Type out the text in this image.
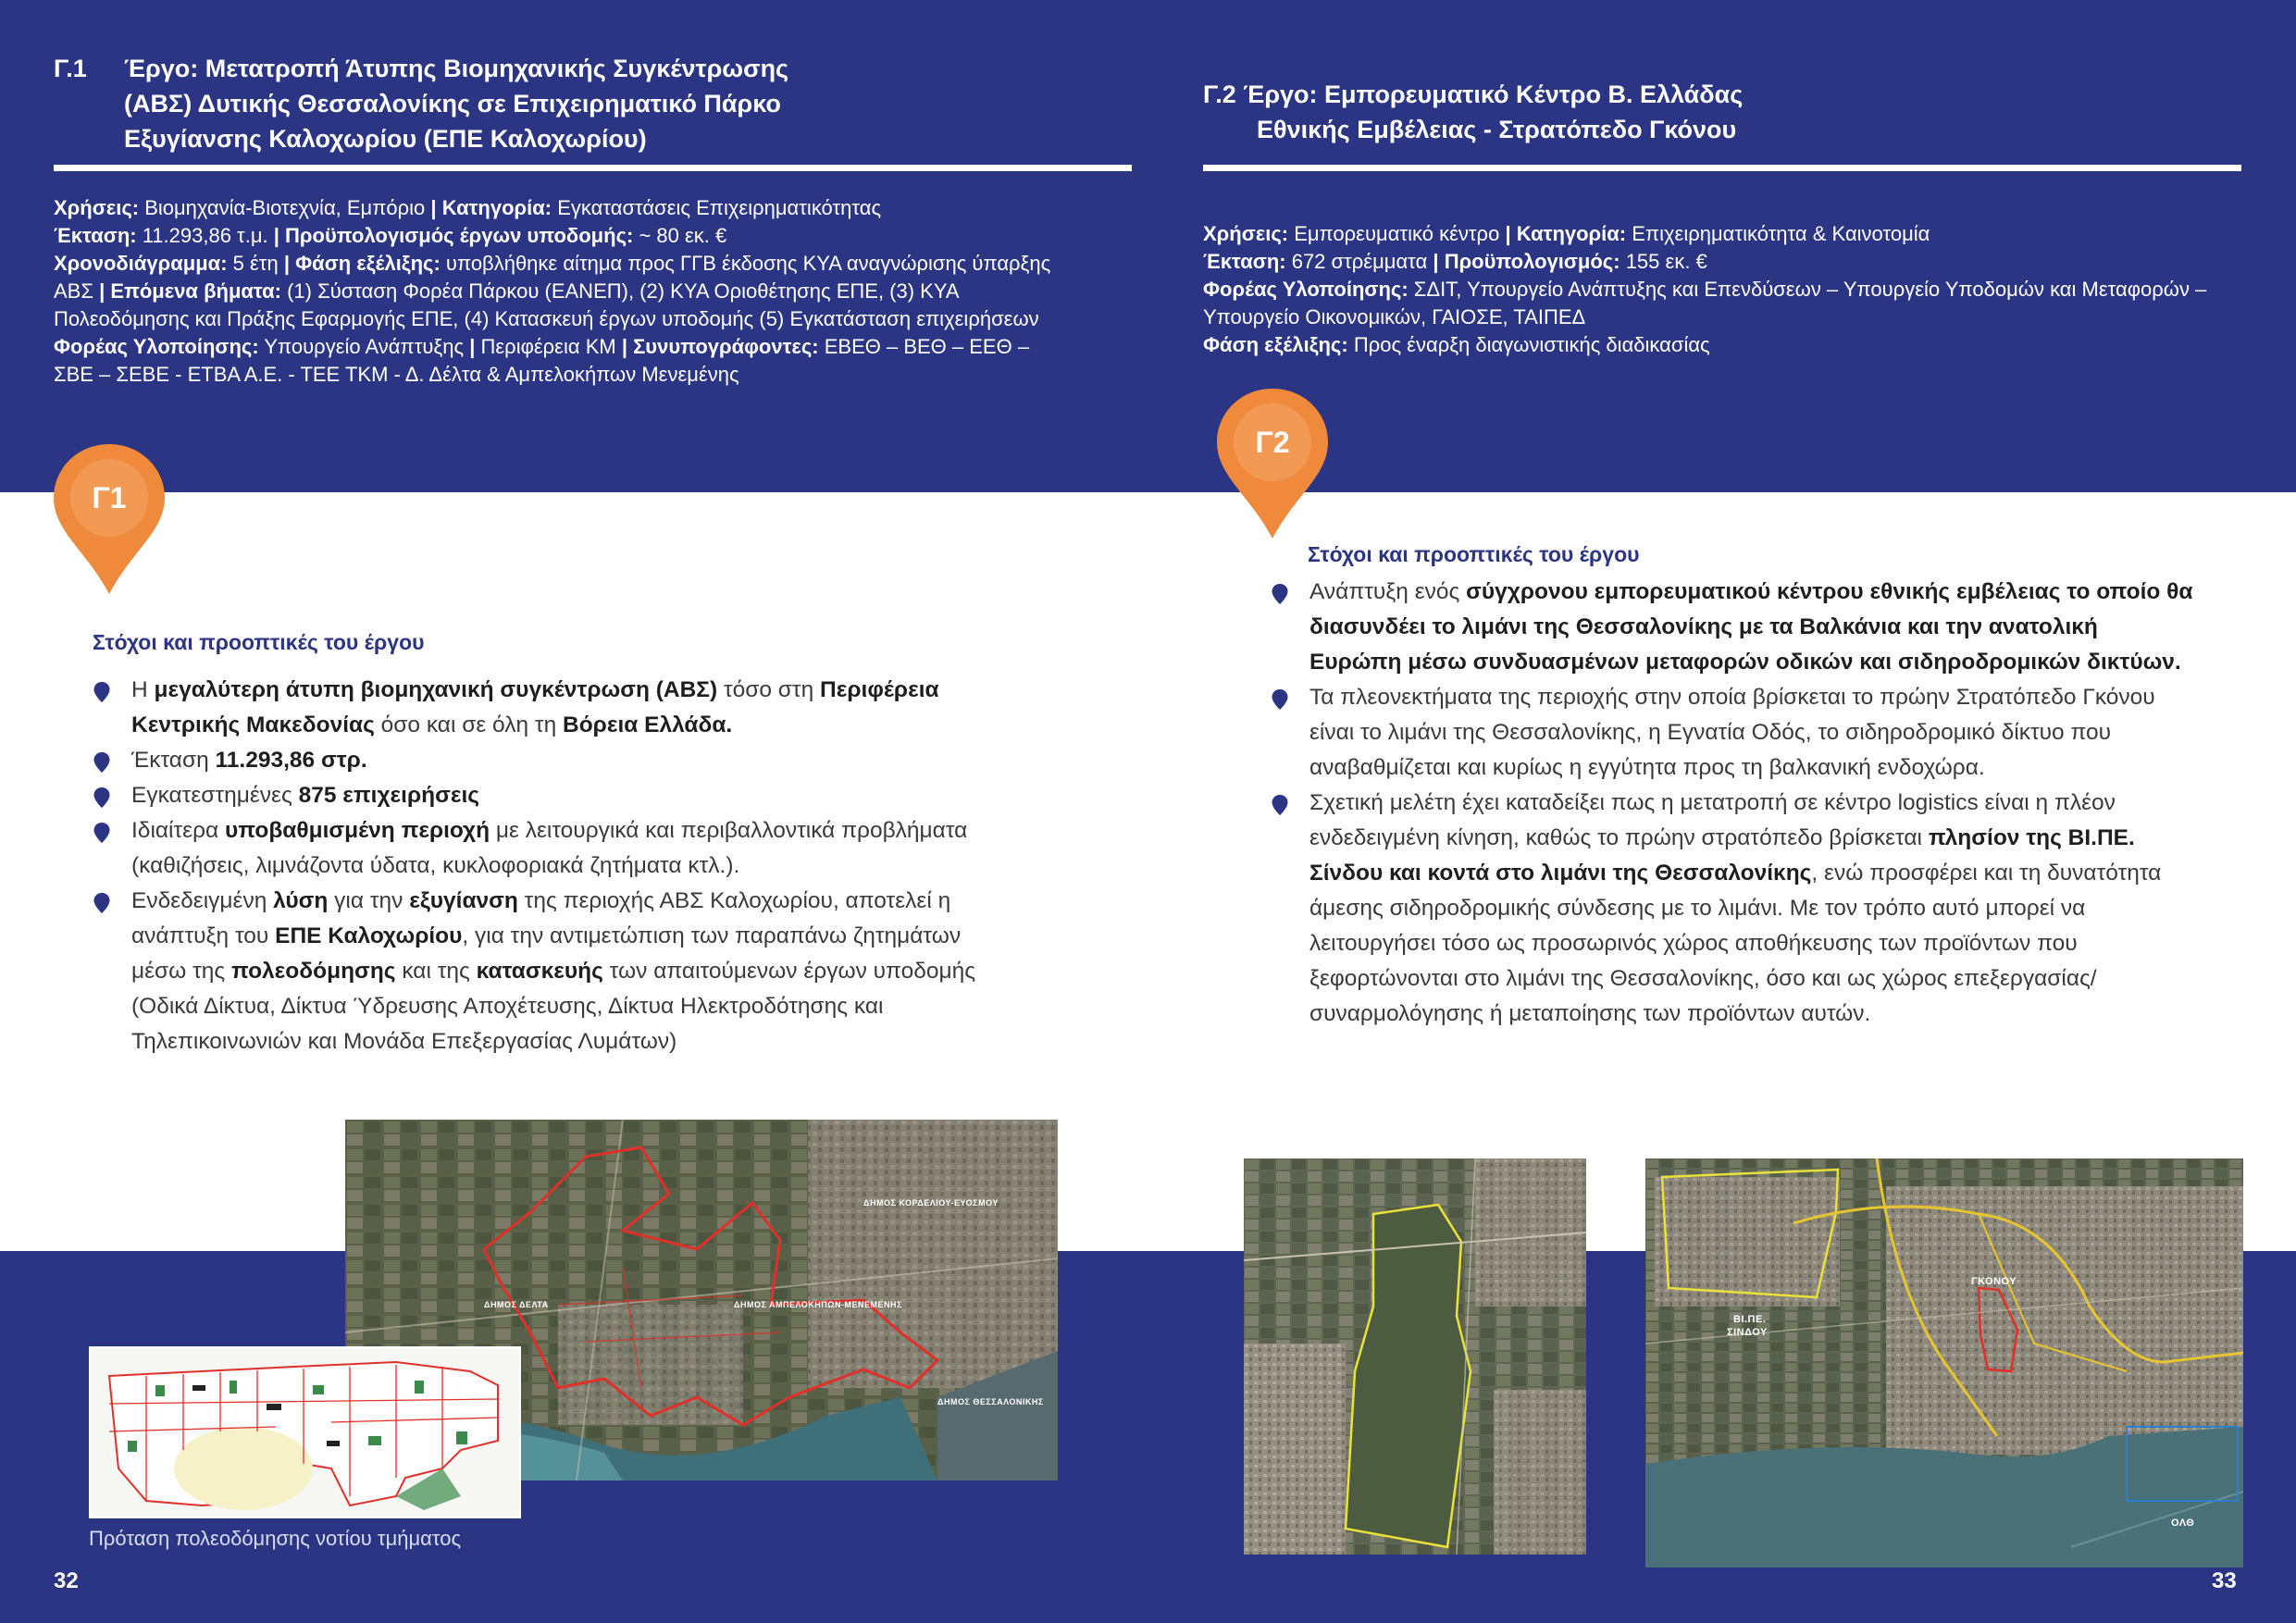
Γ.1	Έργο: Μετατροπή Άτυπης Βιομηχανικής Συγκέντρωσης
(ΑΒΣ) Δυτικής Θεσσαλονίκης σε Επιχειρηματικό Πάρκο
Εξυγίανσης Καλοχωρίου (ΕΠΕ Καλοχωρίου)
Χρήσεις: Βιομηχανία-Βιοτεχνία, Εμπόριο | Κατηγορία: Εγκαταστάσεις Επιχειρηματικότητας
Έκταση: 11.293,86 τ.μ. | Προϋπολογισμός έργων υποδομής: ~ 80 εκ. €
Χρονοδιάγραμμα: 5 έτη | Φάση εξέλιξης: υποβλήθηκε αίτημα προς ΓΓΒ έκδοσης ΚΥΑ αναγνώρισης ύπαρξης ΑΒΣ | Επόμενα βήματα: (1) Σύσταση Φορέα Πάρκου (ΕΑΝΕΠ), (2) ΚΥΑ Οριοθέτησης ΕΠΕ, (3) ΚΥΑ Πολεοδόμησης και Πράξης Εφαρμογής ΕΠΕ, (4) Κατασκευή έργων υποδομής (5) Εγκατάσταση επιχειρήσεων
Φορέας Υλοποίησης: Υπουργείο Ανάπτυξης | Περιφέρεια ΚΜ | Συνυπογράφοντες: ΕΒΕΘ – ΒΕΘ – ΕΕΘ – ΣΒΕ – ΣΕΒΕ - ΕΤΒΑ Α.Ε. - ΤΕΕ ΤΚΜ - Δ. Δέλτα & Αμπελοκήπων Μενεμένης
Γ1
Στόχοι και προοπτικές του έργου
Η μεγαλύτερη άτυπη βιομηχανική συγκέντρωση (ΑΒΣ) τόσο στη Περιφέρεια Κεντρικής Μακεδονίας όσο και σε όλη τη Βόρεια Ελλάδα.
Έκταση 11.293,86 στρ.
Εγκατεστημένες 875 επιχειρήσεις
Ιδιαίτερα υποβαθμισμένη περιοχή με λειτουργικά και περιβαλλοντικά προβλήματα (καθιζήσεις, λιμνάζοντα ύδατα, κυκλοφοριακά ζητήματα κτλ.).
Ενδεδειγμένη λύση για την εξυγίανση της περιοχής ΑΒΣ Καλοχωρίου, αποτελεί η ανάπτυξη του ΕΠΕ Καλοχωρίου, για την αντιμετώπιση των παραπάνω ζητημάτων μέσω της πολεοδόμησης και της κατασκευής των απαιτούμενων έργων υποδομής (Οδικά Δίκτυα, Δίκτυα Ύδρευσης Αποχέτευσης, Δίκτυα Ηλεκτροδότησης και Τηλεπικοινωνιών και Μονάδα Επεξεργασίας Λυμάτων)
ΔΗΜΟΣ ΔΕΛΤΑ
ΔΗΜΟΣ ΚΟΡΔΕΛΙΟΥ-ΕΥΟΣΜΟΥ
ΔΗΜΟΣ ΑΜΠΕΛΟΚΗΠΩΝ-ΜΕΝΕΜΕΝΗΣ
ΔΗΜΟΣ ΘΕΣΣΑΛΟΝΙΚΗΣ
Πρόταση πολεοδόμησης νοτίου τμήματος
32
Γ.2 Έργο: Εμπορευματικό Κέντρο Β. Ελλάδας
Εθνικής Εμβέλειας - Στρατόπεδο Γκόνου
Χρήσεις: Εμπορευματικό κέντρο | Κατηγορία: Επιχειρηματικότητα & Καινοτομία
Έκταση: 672 στρέμματα | Προϋπολογισμός: 155 εκ. €
Φορέας Υλοποίησης: ΣΔΙΤ, Υπουργείο Ανάπτυξης και Επενδύσεων – Υπουργείο Υποδομών και Μεταφορών – Υπουργείο Οικονομικών, ΓΑΙΟΣΕ, ΤΑΙΠΕΔ
Φάση εξέλιξης: Προς έναρξη διαγωνιστικής διαδικασίας
Γ2
Στόχοι και προοπτικές του έργου
Ανάπτυξη ενός σύγχρονου εμπορευματικού κέντρου εθνικής εμβέλειας το οποίο θα διασυνδέει το λιμάνι της Θεσσαλονίκης με τα Βαλκάνια και την ανατολική Ευρώπη μέσω συνδυασμένων μεταφορών οδικών και σιδηροδρομικών δικτύων.
Τα πλεονεκτήματα της περιοχής στην οποία βρίσκεται το πρώην Στρατόπεδο Γκόνου είναι το λιμάνι της Θεσσαλονίκης, η Εγνατία Οδός, το σιδηροδρομικό δίκτυο που αναβαθμίζεται και κυρίως η εγγύτητα προς τη βαλκανική ενδοχώρα.
Σχετική μελέτη έχει καταδείξει πως η μετατροπή σε κέντρο logistics είναι η πλέον ενδεδειγμένη κίνηση, καθώς το πρώην στρατόπεδο βρίσκεται πλησίον της ΒΙ.ΠΕ. Σίνδου και κοντά στο λιμάνι της Θεσσαλονίκης, ενώ προσφέρει και τη δυνατότητα άμεσης σιδηροδρομικής σύνδεσης με το λιμάνι. Με τον τρόπο αυτό μπορεί να λειτουργήσει τόσο ως προσωρινός χώρος αποθήκευσης των προϊόντων που ξεφορτώνονται στο λιμάνι της Θεσσαλονίκης, όσο και ως χώρος επεξεργασίας/συναρμολόγησης ή μεταποίησης των προϊόντων αυτών.
ΓΚΟΝΟΥ
ΒΙ.ΠΕ.
ΣΙΝΔΟΥ
ΟΛΘ
33
